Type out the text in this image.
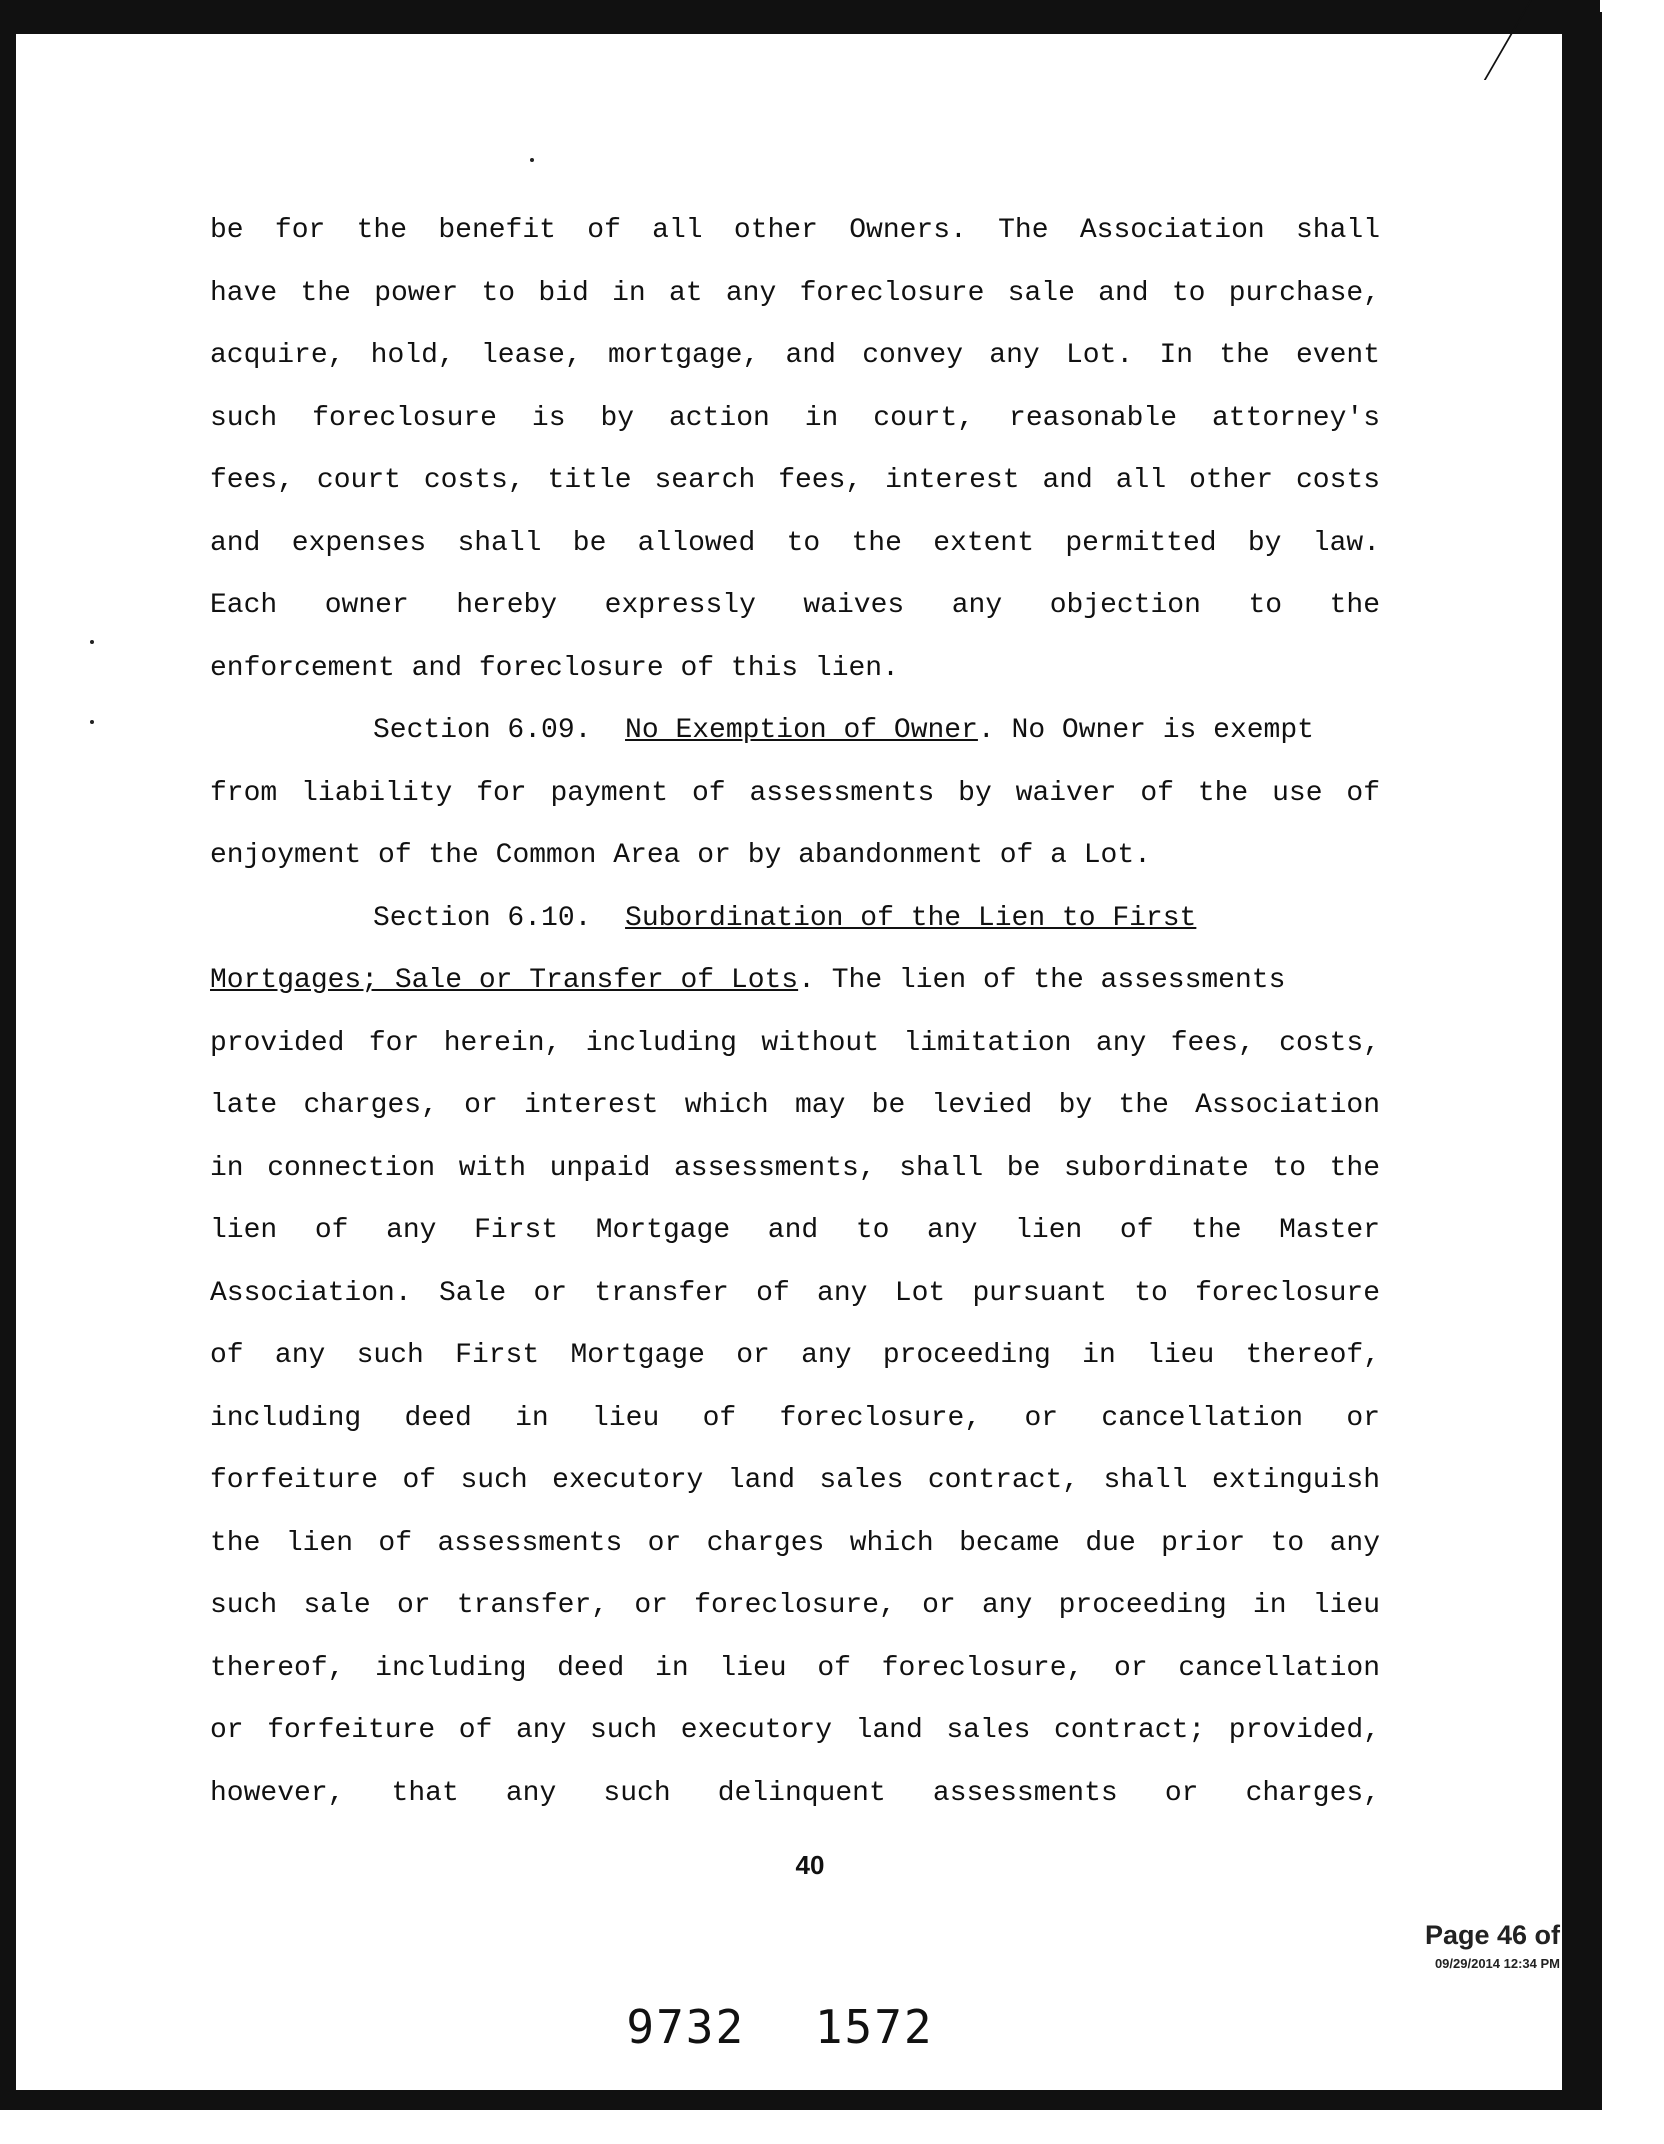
be for the benefit of all other Owners. The Association shall
have the power to bid in at any foreclosure sale and to purchase,
acquire, hold, lease, mortgage, and convey any Lot. In the event
such foreclosure is by action in court, reasonable attorney's
fees, court costs, title search fees, interest and all other costs
and expenses shall be allowed to the extent permitted by law.
Each owner hereby expressly waives any objection to the
enforcement and foreclosure of this lien.
Section 6.09. No Exemption of Owner. No Owner is exempt
from liability for payment of assessments by waiver of the use of
enjoyment of the Common Area or by abandonment of a Lot.
Section 6.10. Subordination of the Lien to First
Mortgages; Sale or Transfer of Lots. The lien of the assessments
provided for herein, including without limitation any fees, costs,
late charges, or interest which may be levied by the Association
in connection with unpaid assessments, shall be subordinate to the
lien of any First Mortgage and to any lien of the Master
Association. Sale or transfer of any Lot pursuant to foreclosure
of any such First Mortgage or any proceeding in lieu thereof,
including deed in lieu of foreclosure, or cancellation or
forfeiture of such executory land sales contract, shall extinguish
the lien of assessments or charges which became due prior to any
such sale or transfer, or foreclosure, or any proceeding in lieu
thereof, including deed in lieu of foreclosure, or cancellation
or forfeiture of any such executory land sales contract; provided,
however, that any such delinquent assessments or charges,
40
Page 46 of
09/29/2014 12:34 PM
9732 1572
